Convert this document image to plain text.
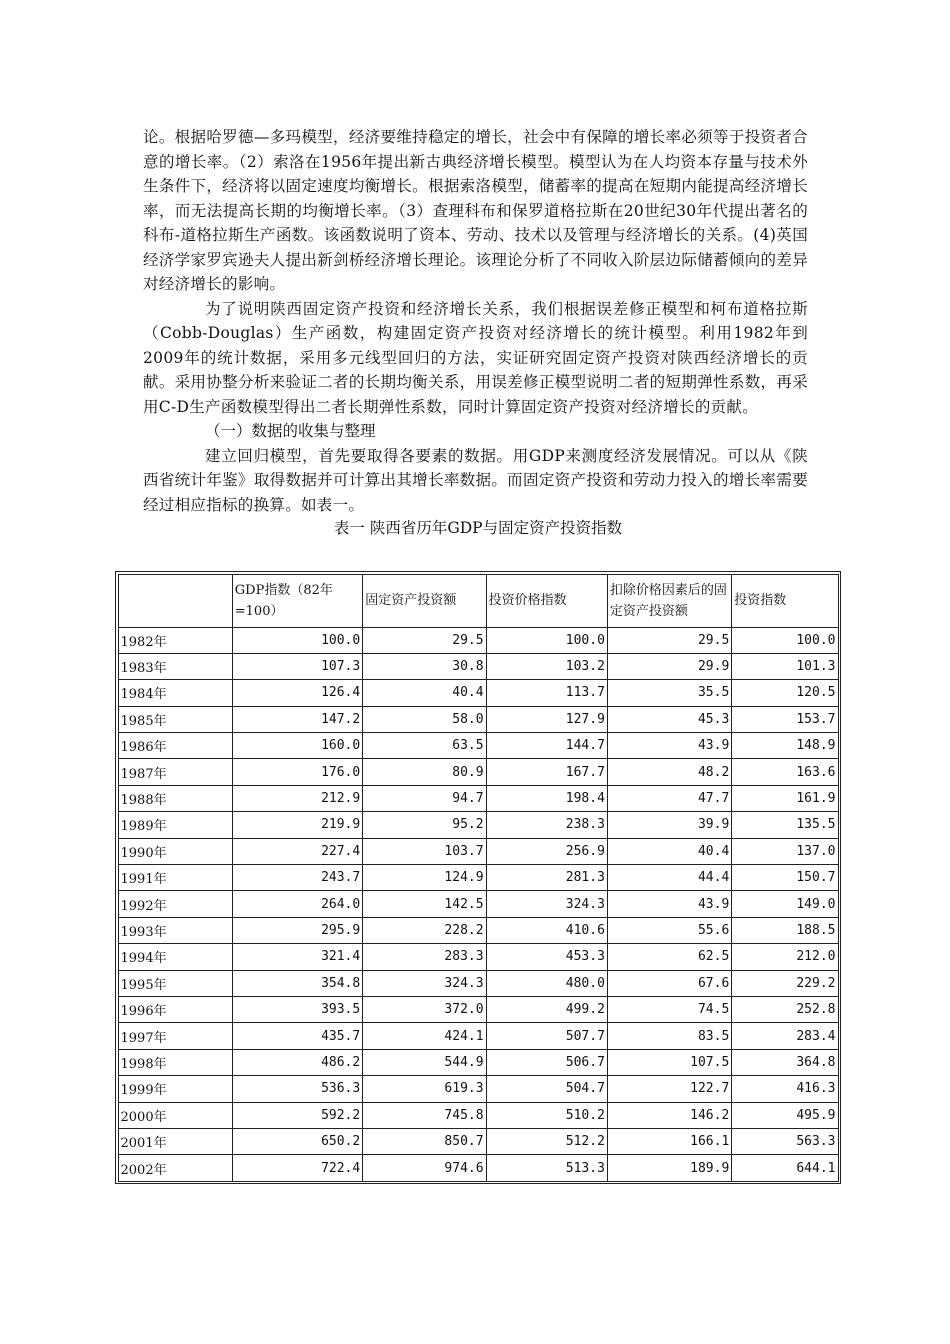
论。根据哈罗德—多玛模型，经济要维持稳定的增长，社会中有保障的增长率必须等于投资者合意的增长率。（2）索洛在1956年提出新古典经济增长模型。模型认为在人均资本存量与技术外生条件下，经济将以固定速度均衡增长。根据索洛模型，储蓄率的提高在短期内能提高经济增长率，而无法提高长期的均衡增长率。（3）查理科布和保罗道格拉斯在20世纪30年代提出著名的科布-道格拉斯生产函数。该函数说明了资本、劳动、技术以及管理与经济增长的关系。(4)英国经济学家罗宾逊夫人提出新剑桥经济增长理论。该理论分析了不同收入阶层边际储蓄倾向的差异对经济增长的影响。

为了说明陕西固定资产投资和经济增长关系，我们根据误差修正模型和柯布道格拉斯（Cobb-Douglas）生产函数，构建固定资产投资对经济增长的统计模型。利用1982年到2009年的统计数据，采用多元线型回归的方法，实证研究固定资产投资对陕西经济增长的贡献。采用协整分析来验证二者的长期均衡关系，用误差修正模型说明二者的短期弹性系数，再采用C-D生产函数模型得出二者长期弹性系数，同时计算固定资产投资对经济增长的贡献。

（一）数据的收集与整理

建立回归模型，首先要取得各要素的数据。用GDP来测度经济发展情况。可以从《陕西省统计年鉴》取得数据并可计算出其增长率数据。而固定资产投资和劳动力投入的增长率需要经过相应指标的换算。如表一。

表一 陕西省历年GDP与固定资产投资指数

	GDP指数（82年=100）	固定资产投资额	投资价格指数	扣除价格因素后的固定资产投资额	投资指数
1982年	100.0	29.5	100.0	29.5	100.0
1983年	107.3	30.8	103.2	29.9	101.3
1984年	126.4	40.4	113.7	35.5	120.5
1985年	147.2	58.0	127.9	45.3	153.7
1986年	160.0	63.5	144.7	43.9	148.9
1987年	176.0	80.9	167.7	48.2	163.6
1988年	212.9	94.7	198.4	47.7	161.9
1989年	219.9	95.2	238.3	39.9	135.5
1990年	227.4	103.7	256.9	40.4	137.0
1991年	243.7	124.9	281.3	44.4	150.7
1992年	264.0	142.5	324.3	43.9	149.0
1993年	295.9	228.2	410.6	55.6	188.5
1994年	321.4	283.3	453.3	62.5	212.0
1995年	354.8	324.3	480.0	67.6	229.2
1996年	393.5	372.0	499.2	74.5	252.8
1997年	435.7	424.1	507.7	83.5	283.4
1998年	486.2	544.9	506.7	107.5	364.8
1999年	536.3	619.3	504.7	122.7	416.3
2000年	592.2	745.8	510.2	146.2	495.9
2001年	650.2	850.7	512.2	166.1	563.3
2002年	722.4	974.6	513.3	189.9	644.1
